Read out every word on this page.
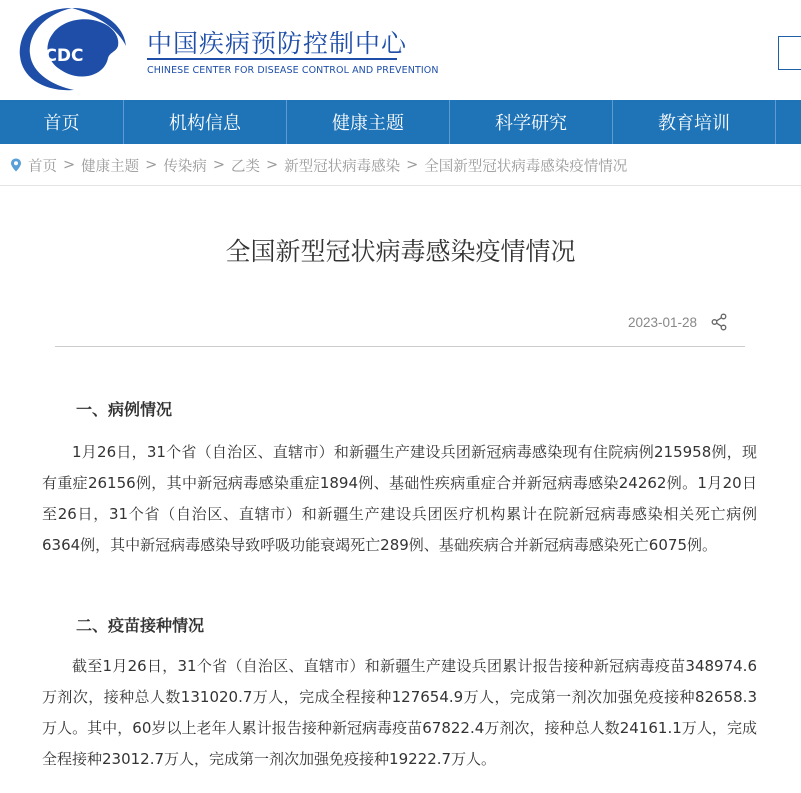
CDC	中国疾病预防控制中心
CHINESE CENTER FOR DISEASE CONTROL AND PREVENTION
首页	机构信息	健康主题	科学研究	教育培训
首页 > 健康主题 > 传染病 > 乙类 > 新型冠状病毒感染 > 全国新型冠状病毒感染疫情情况
全国新型冠状病毒感染疫情情况
2023-01-28
一、病例情况

1月26日，31个省（自治区、直辖市）和新疆生产建设兵团新冠病毒感染现有住院病例215958例，现有重症26156例，其中新冠病毒感染重症1894例、基础性疾病重症合并新冠病毒感染24262例。1月20日至26日，31个省（自治区、直辖市）和新疆生产建设兵团医疗机构累计在院新冠病毒感染相关死亡病例6364例，其中新冠病毒感染导致呼吸功能衰竭死亡289例、基础疾病合并新冠病毒感染死亡6075例。

二、疫苗接种情况

截至1月26日，31个省（自治区、直辖市）和新疆生产建设兵团累计报告接种新冠病毒疫苗348974.6万剂次，接种总人数131020.7万人，完成全程接种127654.9万人，完成第一剂次加强免疫接种82658.3万人。其中，60岁以上老年人累计报告接种新冠病毒疫苗67822.4万剂次，接种总人数24161.1万人，完成全程接种23012.7万人，完成第一剂次加强免疫接种19222.7万人。
